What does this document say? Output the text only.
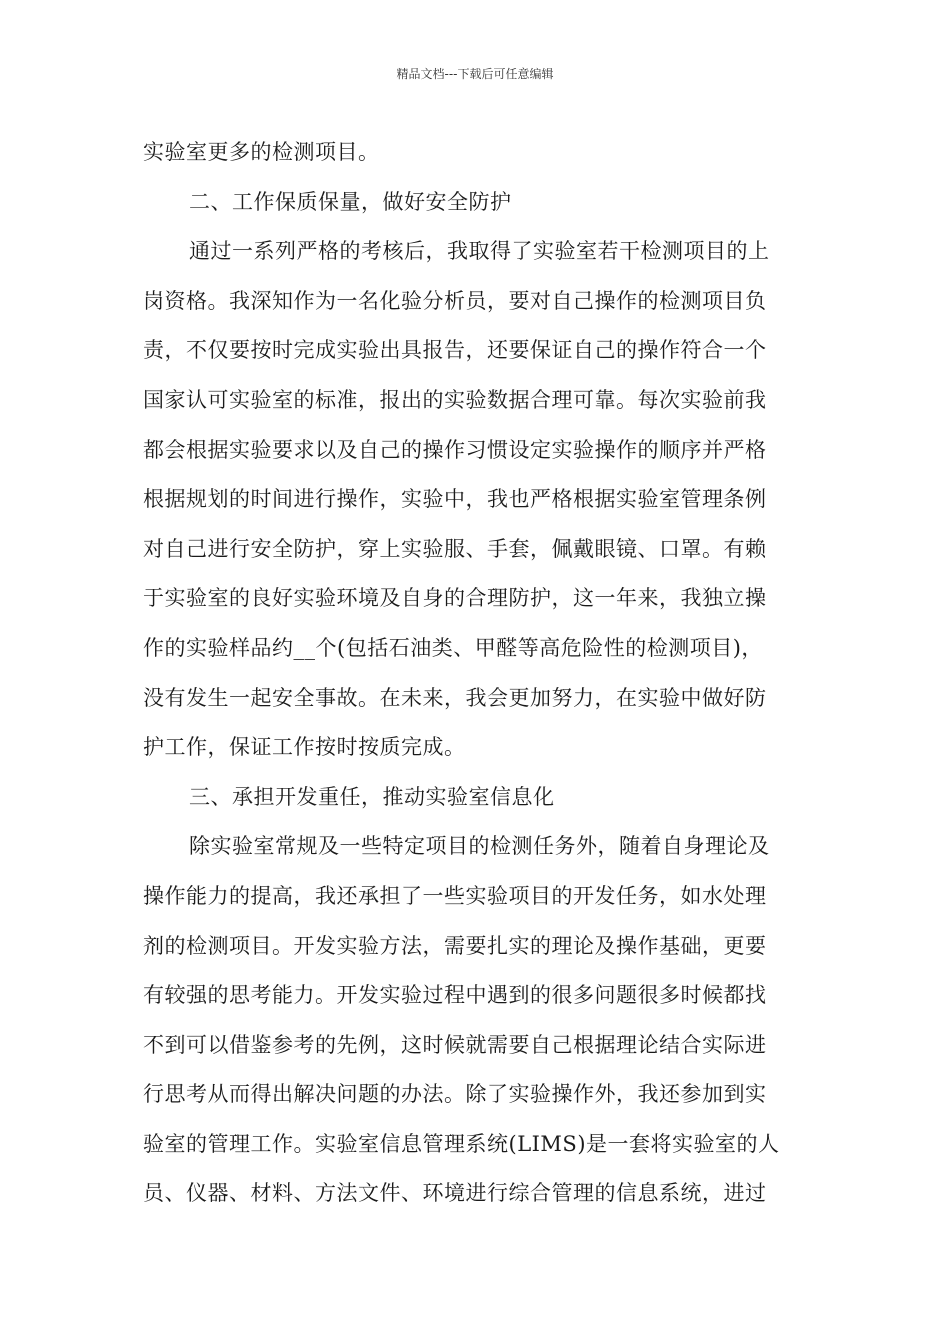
精品文档---下载后可任意编辑
实验室更多的检测项目。
二、工作保质保量，做好安全防护
通过一系列严格的考核后，我取得了实验室若干检测项目的上
岗资格。我深知作为一名化验分析员，要对自己操作的检测项目负
责，不仅要按时完成实验出具报告，还要保证自己的操作符合一个
国家认可实验室的标准，报出的实验数据合理可靠。每次实验前我
都会根据实验要求以及自己的操作习惯设定实验操作的顺序并严格
根据规划的时间进行操作，实验中，我也严格根据实验室管理条例
对自己进行安全防护，穿上实验服、手套，佩戴眼镜、口罩。有赖
于实验室的良好实验环境及自身的合理防护，这一年来，我独立操
作的实验样品约__个(包括石油类、甲醛等高危险性的检测项目)，
没有发生一起安全事故。在未来，我会更加努力，在实验中做好防
护工作，保证工作按时按质完成。
三、承担开发重任，推动实验室信息化
除实验室常规及一些特定项目的检测任务外，随着自身理论及
操作能力的提高，我还承担了一些实验项目的开发任务，如水处理
剂的检测项目。开发实验方法，需要扎实的理论及操作基础，更要
有较强的思考能力。开发实验过程中遇到的很多问题很多时候都找
不到可以借鉴参考的先例，这时候就需要自己根据理论结合实际进
行思考从而得出解决问题的办法。除了实验操作外，我还参加到实
验室的管理工作。实验室信息管理系统(LIMS)是一套将实验室的人
员、仪器、材料、方法文件、环境进行综合管理的信息系统，进过
